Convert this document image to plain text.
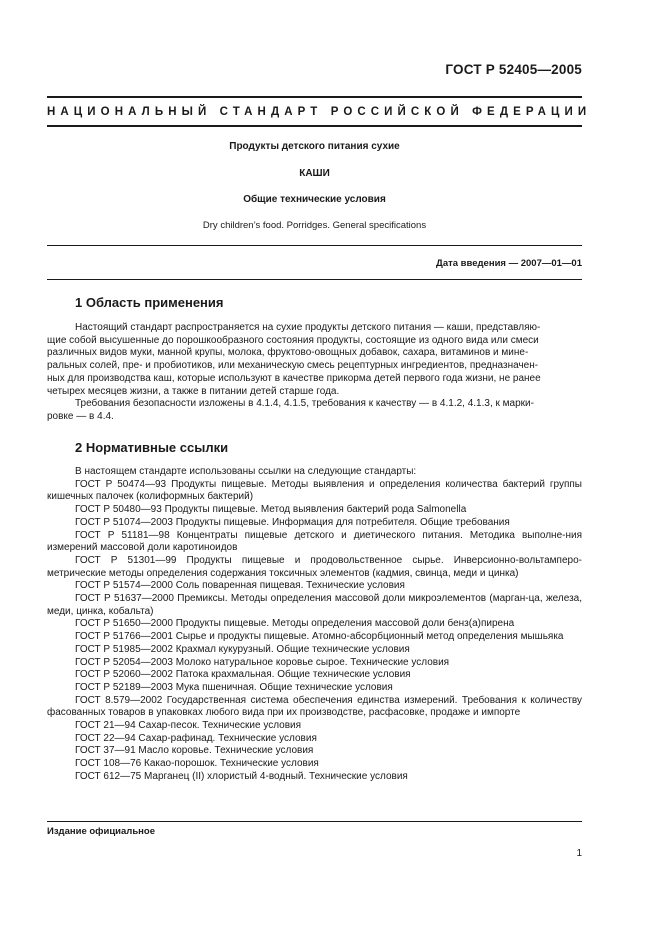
ГОСТ Р 52405—2005
НАЦИОНАЛЬНЫЙ СТАНДАРТ РОССИЙСКОЙ ФЕДЕРАЦИИ
Продукты детского питания сухие
КАШИ
Общие технические условия
Dry children’s food. Porridges. General specifications
Дата введения — 2007—01—01
1 Область применения
Настоящий стандарт распространяется на сухие продукты детского питания — каши, представляю-
щие собой высушенные до порошкообразного состояния продукты, состоящие из одного вида или смеси
различных видов муки, манной крупы, молока, фруктово-овощных добавок, сахара, витаминов и мине-
ральных солей, пре- и пробиотиков, или механическую смесь рецептурных ингредиентов, предназначен-
ных для производства каш, которые используют в качестве прикорма детей первого года жизни, не ранее
четырех месяцев жизни, а также в питании детей старше года.
Требования безопасности изложены в 4.1.4, 4.1.5, требования к качеству — в 4.1.2, 4.1.3, к марки-
ровке — в 4.4.
2 Нормативные ссылки

В настоящем стандарте использованы ссылки на следующие стандарты:

ГОСТ Р 50474—93 Продукты пищевые. Методы выявления и определения количества бактерий группы кишечных палочек (колиформных бактерий)

ГОСТ Р 50480—93 Продукты пищевые. Метод выявления бактерий рода Salmonella

ГОСТ Р 51074—2003 Продукты пищевые. Информация для потребителя. Общие требования

ГОСТ Р 51181—98 Концентраты пищевые детского и диетического питания. Методика выполне-ния измерений массовой доли каротиноидов

ГОСТ Р 51301—99 Продукты пищевые и продовольственное сырье. Инверсионно-вольтампеpо-метрические методы определения содержания токсичных элементов (кадмия, свинца, меди и цинка)

ГОСТ Р 51574—2000 Соль поваренная пищевая. Технические условия

ГОСТ Р 51637—2000 Премиксы. Методы определения массовой доли микроэлементов (марган-ца, железа, меди, цинка, кобальта)

ГОСТ Р 51650—2000 Продукты пищевые. Методы определения массовой доли бенз(а)пирена

ГОСТ Р 51766—2001 Сырье и продукты пищевые. Атомно-абсорбционный метод определения мышьяка

ГОСТ Р 51985—2002 Крахмал кукурузный. Общие технические условия

ГОСТ Р 52054—2003 Молоко натуральное коровье сырое. Технические условия

ГОСТ Р 52060—2002 Патока крахмальная. Общие технические условия

ГОСТ Р 52189—2003 Мука пшеничная. Общие технические условия

ГОСТ 8.579—2002 Государственная система обеспечения единства измерений. Требования к количеству фасованных товаров в упаковках любого вида при их производстве, расфасовке, продаже и импорте

ГОСТ 21—94 Сахар-песок. Технические условия

ГОСТ 22—94 Сахар-рафинад. Технические условия

ГОСТ 37—91 Масло коровье. Технические условия

ГОСТ 108—76 Какао-порошок. Технические условия

ГОСТ 612—75 Марганец (II) хлористый 4-водный. Технические условия

Издание официальное
1
